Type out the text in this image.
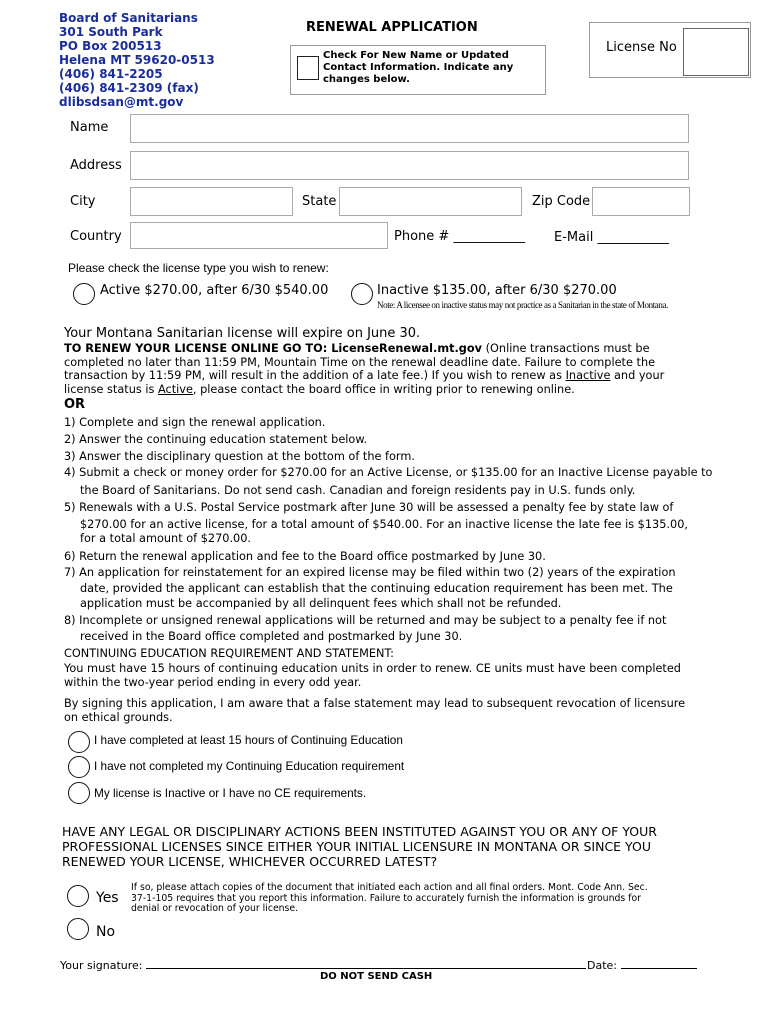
Board of Sanitarians
301 South Park
PO Box 200513
Helena MT 59620-0513
(406) 841-2205
(406) 841-2309 (fax)
dlibsdsan@mt.gov
RENEWAL APPLICATION
Check For New Name or Updated Contact Information. Indicate any changes below.
License No
Name
Address
City	State	Zip Code
Country	Phone # ___________ E-Mail ___________
Please check the license type you wish to renew:
Active $270.00, after 6/30 $540.00	Inactive $135.00, after 6/30 $270.00
Note: A licensee on inactive status may not practice as a Sanitarian in the state of Montana.
Your Montana Sanitarian license will expire on June 30.
TO RENEW YOUR LICENSE ONLINE GO TO: LicenseRenewal.mt.gov (Online transactions must be
completed no later than 11:59 PM, Mountain Time on the renewal deadline date. Failure to complete the
transaction by 11:59 PM, will result in the addition of a late fee.) If you wish to renew as Inactive and your
license status is Active, please contact the board office in writing prior to renewing online.
OR
1) Complete and sign the renewal application.
2) Answer the continuing education statement below.
3) Answer the disciplinary question at the bottom of the form.
4) Submit a check or money order for $270.00 for an Active License, or $135.00 for an Inactive License payable to
the Board of Sanitarians. Do not send cash. Canadian and foreign residents pay in U.S. funds only.
5) Renewals with a U.S. Postal Service postmark after June 30 will be assessed a penalty fee by state law of
$270.00 for an active license, for a total amount of $540.00. For an inactive license the late fee is $135.00,
for a total amount of $270.00.
6) Return the renewal application and fee to the Board office postmarked by June 30.
7) An application for reinstatement for an expired license may be filed within two (2) years of the expiration
date, provided the applicant can establish that the continuing education requirement has been met. The
application must be accompanied by all delinquent fees which shall not be refunded.
8) Incomplete or unsigned renewal applications will be returned and may be subject to a penalty fee if not
received in the Board office completed and postmarked by June 30.
CONTINUING EDUCATION REQUIREMENT AND STATEMENT:
You must have 15 hours of continuing education units in order to renew. CE units must have been completed
within the two-year period ending in every odd year.
By signing this application, I am aware that a false statement may lead to subsequent revocation of licensure
on ethical grounds.
I have completed at least 15 hours of Continuing Education
I have not completed my Continuing Education requirement
My license is Inactive or I have no CE requirements.
HAVE ANY LEGAL OR DISCIPLINARY ACTIONS BEEN INSTITUTED AGAINST YOU OR ANY OF YOUR
PROFESSIONAL LICENSES SINCE EITHER YOUR INITIAL LICENSURE IN MONTANA OR SINCE YOU
RENEWED YOUR LICENSE, WHICHEVER OCCURRED LATEST?
Yes
If so, please attach copies of the document that initiated each action and all final orders. Mont. Code Ann. Sec.
37-1-105 requires that you report this information. Failure to accurately furnish the information is grounds for
denial or revocation of your license.
No
Your signature:	Date:
DO NOT SEND CASH
